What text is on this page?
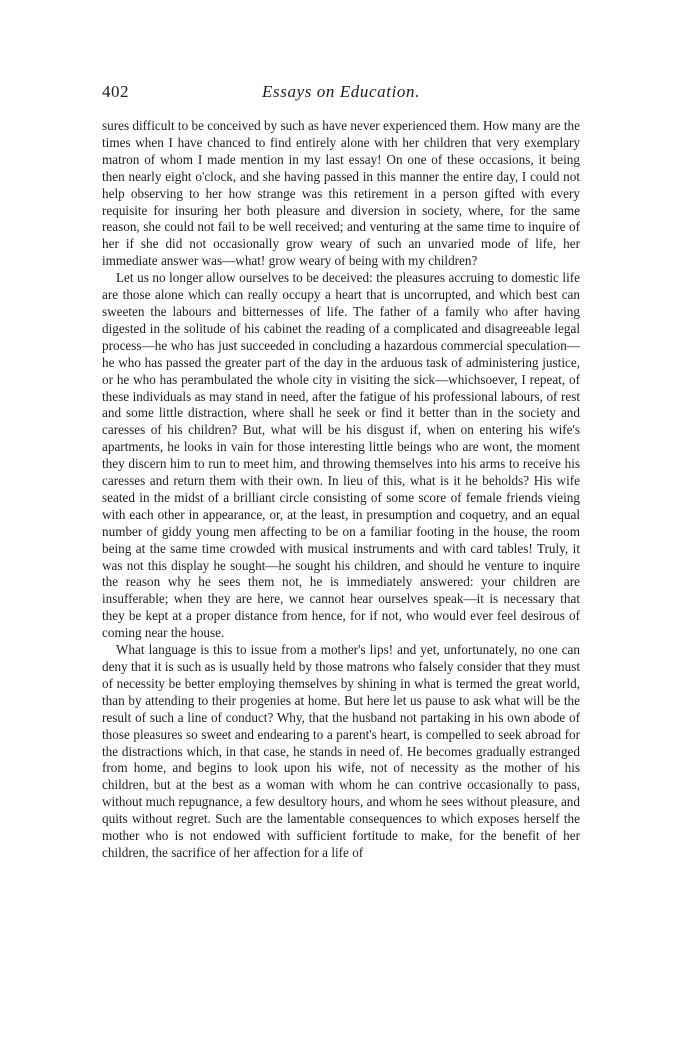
402	Essays on Education.

sures difficult to be conceived by such as have never experienced them. How many are the times when I have chanced to find entirely alone with her children that very exemplary matron of whom I made mention in my last essay! On one of these occasions, it being then nearly eight o'clock, and she having passed in this manner the entire day, I could not help observing to her how strange was this retirement in a person gifted with every requisite for insuring her both pleasure and diversion in society, where, for the same reason, she could not fail to be well received; and venturing at the same time to inquire of her if she did not occasionally grow weary of such an unvaried mode of life, her immediate answer was—what! grow weary of being with my children?

Let us no longer allow ourselves to be deceived: the pleasures accruing to domestic life are those alone which can really occupy a heart that is uncorrupted, and which best can sweeten the labours and bitternesses of life. The father of a family who after having digested in the solitude of his cabinet the reading of a complicated and disagreeable legal process—he who has just succeeded in concluding a hazardous commercial speculation—he who has passed the greater part of the day in the arduous task of administering justice, or he who has perambulated the whole city in visiting the sick—whichsoever, I repeat, of these individuals as may stand in need, after the fatigue of his professional labours, of rest and some little distraction, where shall he seek or find it better than in the society and caresses of his children? But, what will be his disgust if, when on entering his wife's apartments, he looks in vain for those interesting little beings who are wont, the moment they discern him to run to meet him, and throwing themselves into his arms to receive his caresses and return them with their own. In lieu of this, what is it he beholds? His wife seated in the midst of a brilliant circle consisting of some score of female friends vieing with each other in appearance, or, at the least, in presumption and coquetry, and an equal number of giddy young men affecting to be on a familiar footing in the house, the room being at the same time crowded with musical instruments and with card tables! Truly, it was not this display he sought—he sought his children, and should he venture to inquire the reason why he sees them not, he is immediately answered: your children are insufferable; when they are here, we cannot hear ourselves speak—it is necessary that they be kept at a proper distance from hence, for if not, who would ever feel desirous of coming near the house.

What language is this to issue from a mother's lips! and yet, unfortunately, no one can deny that it is such as is usually held by those matrons who falsely consider that they must of necessity be better employing themselves by shining in what is termed the great world, than by attending to their progenies at home. But here let us pause to ask what will be the result of such a line of conduct? Why, that the husband not partaking in his own abode of those pleasures so sweet and endearing to a parent's heart, is compelled to seek abroad for the distractions which, in that case, he stands in need of. He becomes gradually estranged from home, and begins to look upon his wife, not of necessity as the mother of his children, but at the best as a woman with whom he can contrive occasionally to pass, without much repugnance, a few desultory hours, and whom he sees without pleasure, and quits without regret. Such are the lamentable consequences to which exposes herself the mother who is not endowed with sufficient fortitude to make, for the benefit of her children, the sacrifice of her affection for a life of
